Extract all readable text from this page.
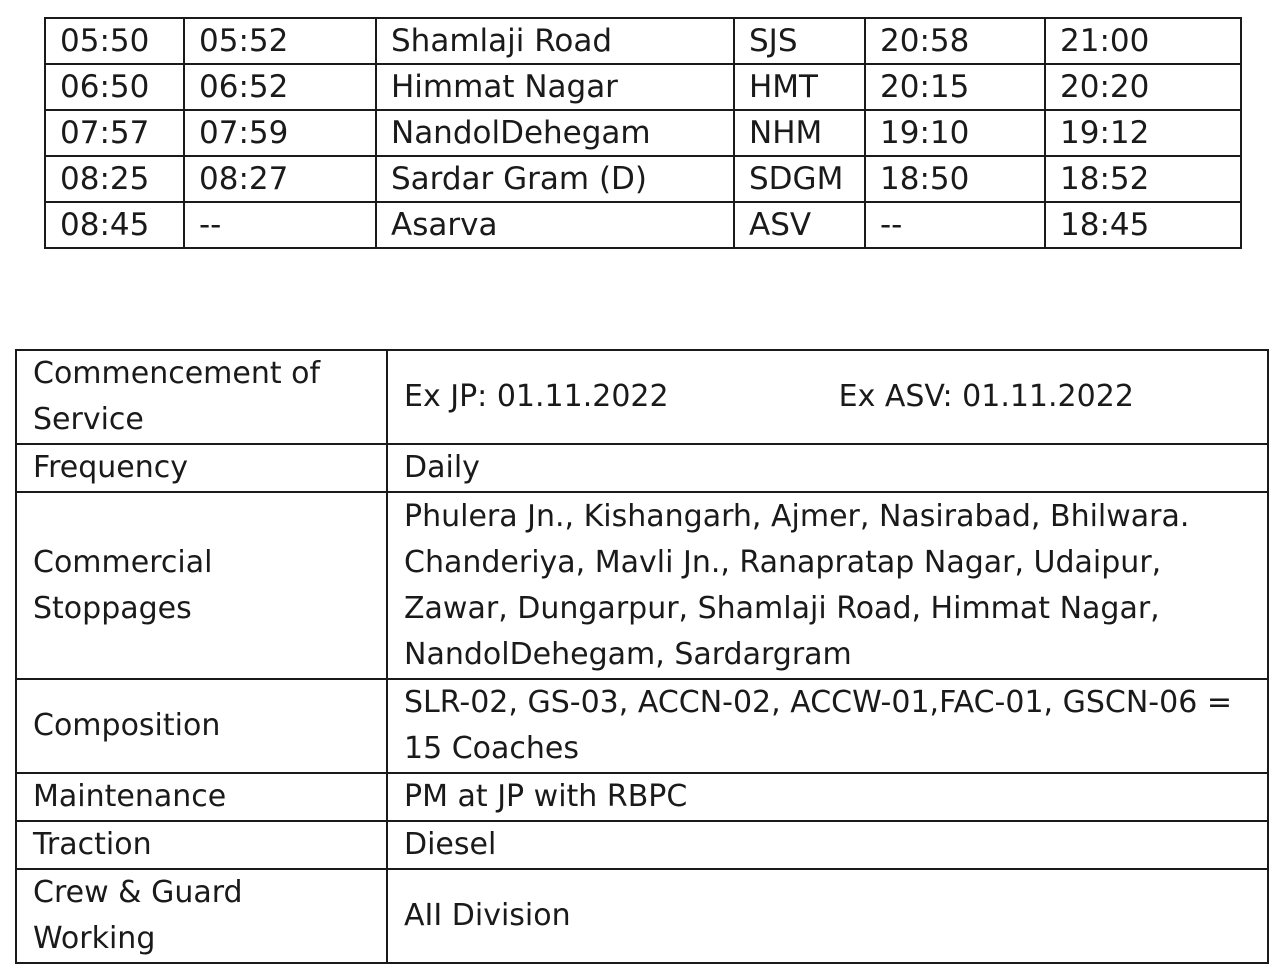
05:50	05:52	Shamlaji Road	SJS	20:58	21:00
06:50	06:52	Himmat Nagar	HMT	20:15	20:20
07:57	07:59	NandolDehegam	NHM	19:10	19:12
08:25	08:27	Sardar Gram (D)	SDGM	18:50	18:52
08:45	--	Asarva	ASV	--	18:45
Commencement of Service	Ex JP: 01.11.2022 Ex ASV: 01.11.2022

Frequency	Daily
Commercial Stoppages	Phulera Jn., Kishangarh, Ajmer, Nasirabad, Bhilwara. Chanderiya, Mavli Jn., Ranapratap Nagar, Udaipur, Zawar, Dungarpur, Shamlaji Road, Himmat Nagar, NandolDehegam, Sardargram
Composition	SLR-02, GS-03, ACCN-02, ACCW-01,FAC-01, GSCN-06 = 15 Coaches
Maintenance	PM at JP with RBPC
Traction	Diesel
Crew & Guard Working	AII Division
